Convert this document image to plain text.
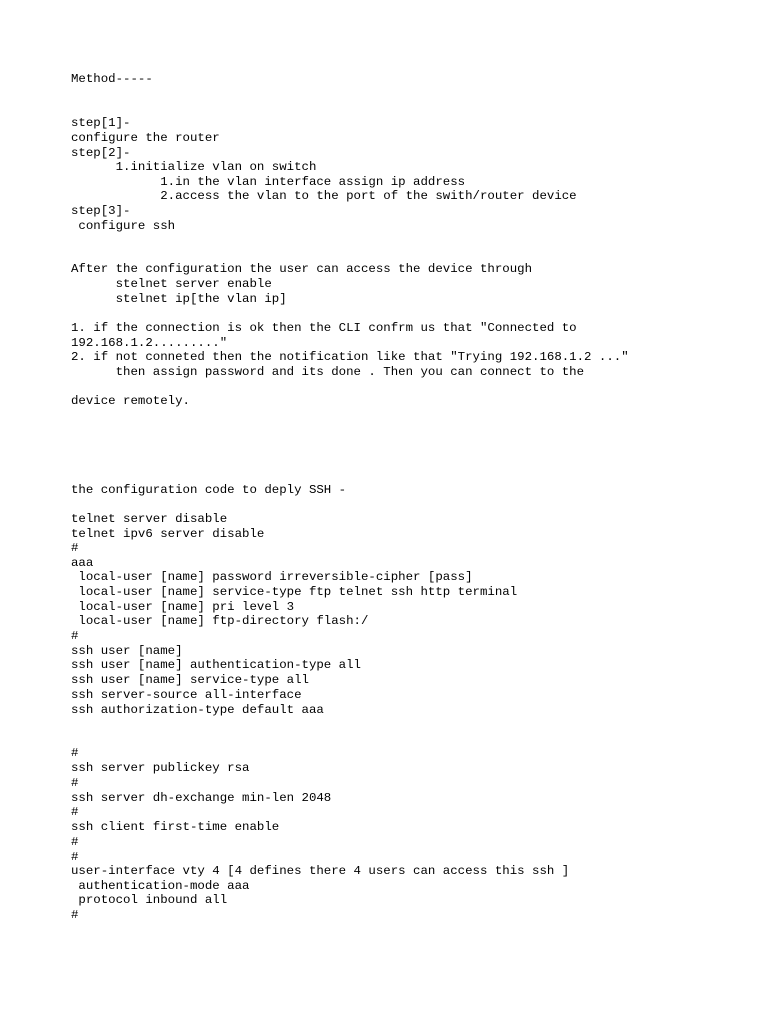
Method-----

step[1]-

configure the router

step[2]-

1.initialize vlan on switch

1.in the vlan interface assign ip address

2.access the vlan to the port of the swith/router device

step[3]-

configure ssh

After the configuration the user can access the device through

stelnet server enable

stelnet ip[the vlan ip]

1. if the connection is ok then the CLI confrm us that "Connected to

192.168.1.2........."

2. if not conneted then the notification like that "Trying 192.168.1.2 ..."

then assign password and its done . Then you can connect to the

device remotely.

the configuration code to deply SSH -

telnet server disable

telnet ipv6 server disable

#

aaa

local-user [name] password irreversible-cipher [pass]

local-user [name] service-type ftp telnet ssh http terminal

local-user [name] pri level 3

local-user [name] ftp-directory flash:/

#

ssh user [name]

ssh user [name] authentication-type all

ssh user [name] service-type all

ssh server-source all-interface

ssh authorization-type default aaa

#

ssh server publickey rsa

#

ssh server dh-exchange min-len 2048

#

ssh client first-time enable

#

#

user-interface vty 4 [4 defines there 4 users can access this ssh ]

authentication-mode aaa

protocol inbound all

#
